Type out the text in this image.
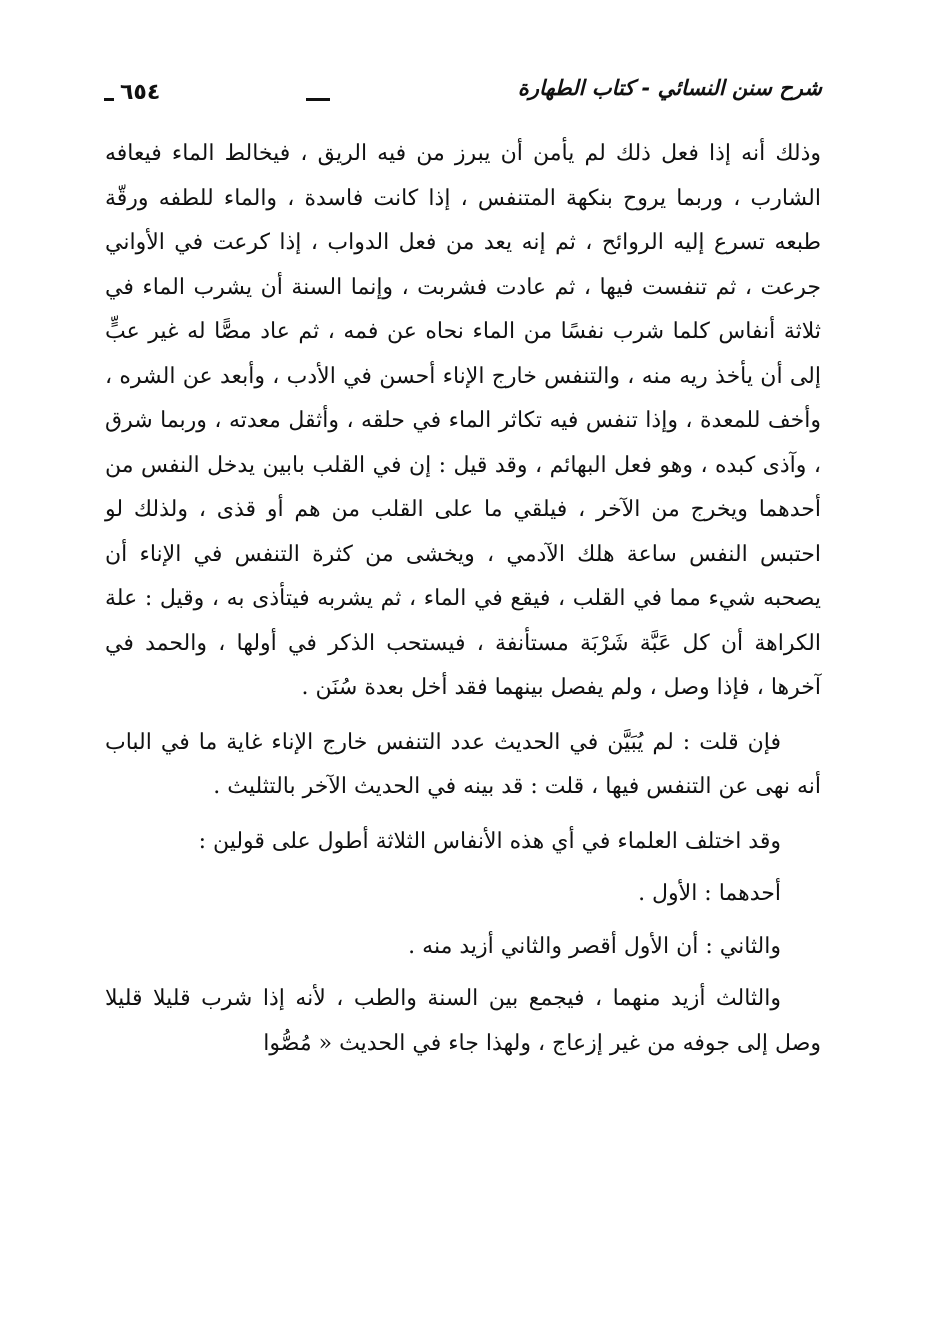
شرح سنن النسائي - كتاب الطهارة
٦٥٤

وذلك أنه إذا فعل ذلك لم يأمن أن يبرز من فيه الريق ، فيخالط الماء فيعافه الشارب ، وربما يروح بنكهة المتنفس ، إذا كانت فاسدة ، والماء للطفه ورقّة طبعه تسرع إليه الروائح ، ثم إنه يعد من فعل الدواب ، إذا كرعت في الأواني جرعت ، ثم تنفست فيها ، ثم عادت فشربت ، وإنما السنة أن يشرب الماء في ثلاثة أنفاس كلما شرب نفسًا من الماء نحاه عن فمه ، ثم عاد مصًّا له غير عبٍّ إلى أن يأخذ ريه منه ، والتنفس خارج الإناء أحسن في الأدب ، وأبعد عن الشره ، وأخف للمعدة ، وإذا تنفس فيه تكاثر الماء في حلقه ، وأثقل معدته ، وربما شرق ، وآذى كبده ، وهو فعل البهائم ، وقد قيل : إن في القلب بابين يدخل النفس من أحدهما ويخرج من الآخر ، فيلقي ما على القلب من هم أو قذى ، ولذلك لو احتبس النفس ساعة هلك الآدمي ، ويخشى من كثرة التنفس في الإناء أن يصحبه شيء مما في القلب ، فيقع في الماء ، ثم يشربه فيتأذى به ، وقيل : علة الكراهة أن كل عَبَّة شَرْبَة مستأنفة ، فيستحب الذكر في أولها ، والحمد في آخرها ، فإذا وصل ، ولم يفصل بينهما فقد أخل بعدة سُنَن .

فإن قلت : لم يُبَيَّن في الحديث عدد التنفس خارج الإناء غاية ما في الباب أنه نهى عن التنفس فيها ، قلت : قد بينه في الحديث الآخر بالتثليث .

وقد اختلف العلماء في أي هذه الأنفاس الثلاثة أطول على قولين :

أحدهما : الأول .

والثاني : أن الأول أقصر والثاني أزيد منه .

والثالث أزيد منهما ، فيجمع بين السنة والطب ، لأنه إذا شرب قليلا قليلا وصل إلى جوفه من غير إزعاج ، ولهذا جاء في الحديث « مُصُّوا
